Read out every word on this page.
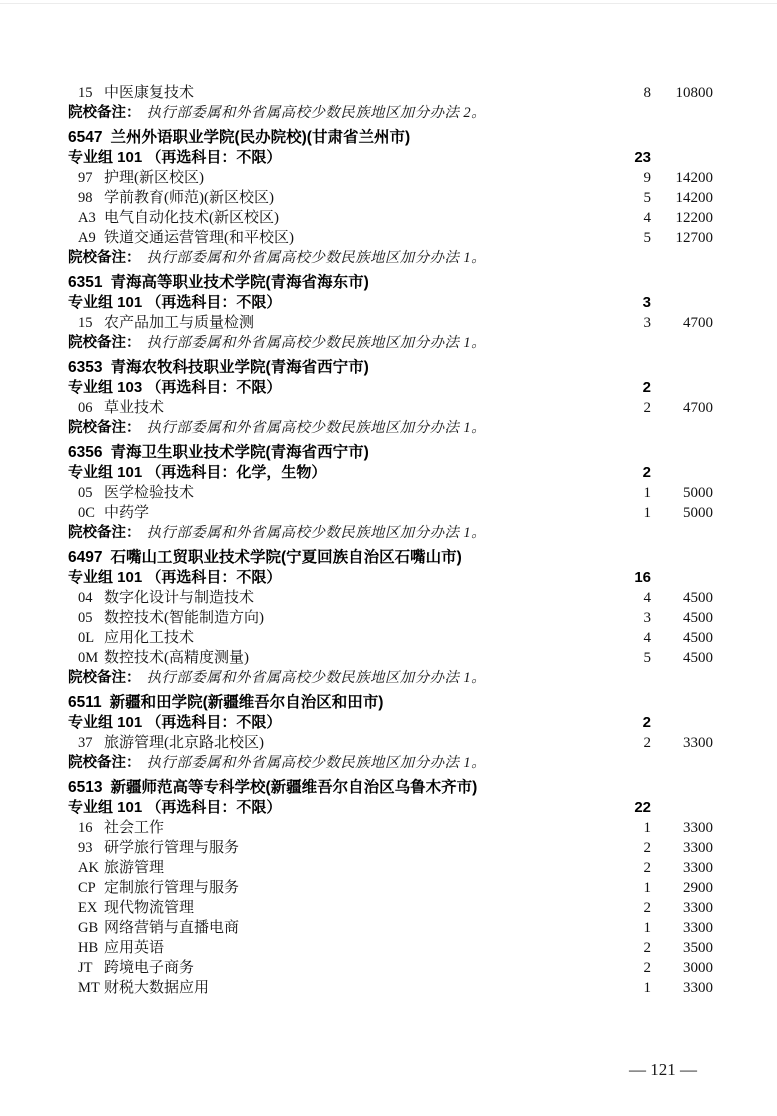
15 中医康复技术	8	10800
院校备注： 执行部委属和外省属高校少数民族地区加分办法 2。
6547 兰州外语职业学院(民办院校)(甘肃省兰州市)
专业组 101 （再选科目：不限）	23
97 护理(新区校区)	9	14200
98 学前教育(师范)(新区校区)	5	14200
A3 电气自动化技术(新区校区)	4	12200
A9 铁道交通运营管理(和平校区)	5	12700
院校备注： 执行部委属和外省属高校少数民族地区加分办法 1。
6351 青海高等职业技术学院(青海省海东市)
专业组 101 （再选科目：不限）	3
15 农产品加工与质量检测	3	4700
院校备注： 执行部委属和外省属高校少数民族地区加分办法 1。
6353 青海农牧科技职业学院(青海省西宁市)
专业组 103 （再选科目：不限）	2
06 草业技术	2	4700
院校备注： 执行部委属和外省属高校少数民族地区加分办法 1。
6356 青海卫生职业技术学院(青海省西宁市)
专业组 101 （再选科目：化学，生物）	2
05 医学检验技术	1	5000
0C 中药学	1	5000
院校备注： 执行部委属和外省属高校少数民族地区加分办法 1。
6497 石嘴山工贸职业技术学院(宁夏回族自治区石嘴山市)
专业组 101 （再选科目：不限）	16
04 数字化设计与制造技术	4	4500
05 数控技术(智能制造方向)	3	4500
0L 应用化工技术	4	4500
0M 数控技术(高精度测量)	5	4500
院校备注： 执行部委属和外省属高校少数民族地区加分办法 1。
6511 新疆和田学院(新疆维吾尔自治区和田市)
专业组 101 （再选科目：不限）	2
37 旅游管理(北京路北校区)	2	3300
院校备注： 执行部委属和外省属高校少数民族地区加分办法 1。
6513 新疆师范高等专科学校(新疆维吾尔自治区乌鲁木齐市)
专业组 101 （再选科目：不限）	22
16 社会工作	1	3300
93 研学旅行管理与服务	2	3300
AK 旅游管理	2	3300
CP 定制旅行管理与服务	1	2900
EX 现代物流管理	2	3300
GB 网络营销与直播电商	1	3300
HB 应用英语	2	3500
JT 跨境电子商务	2	3000
MT 财税大数据应用	1	3300
— 121 —
